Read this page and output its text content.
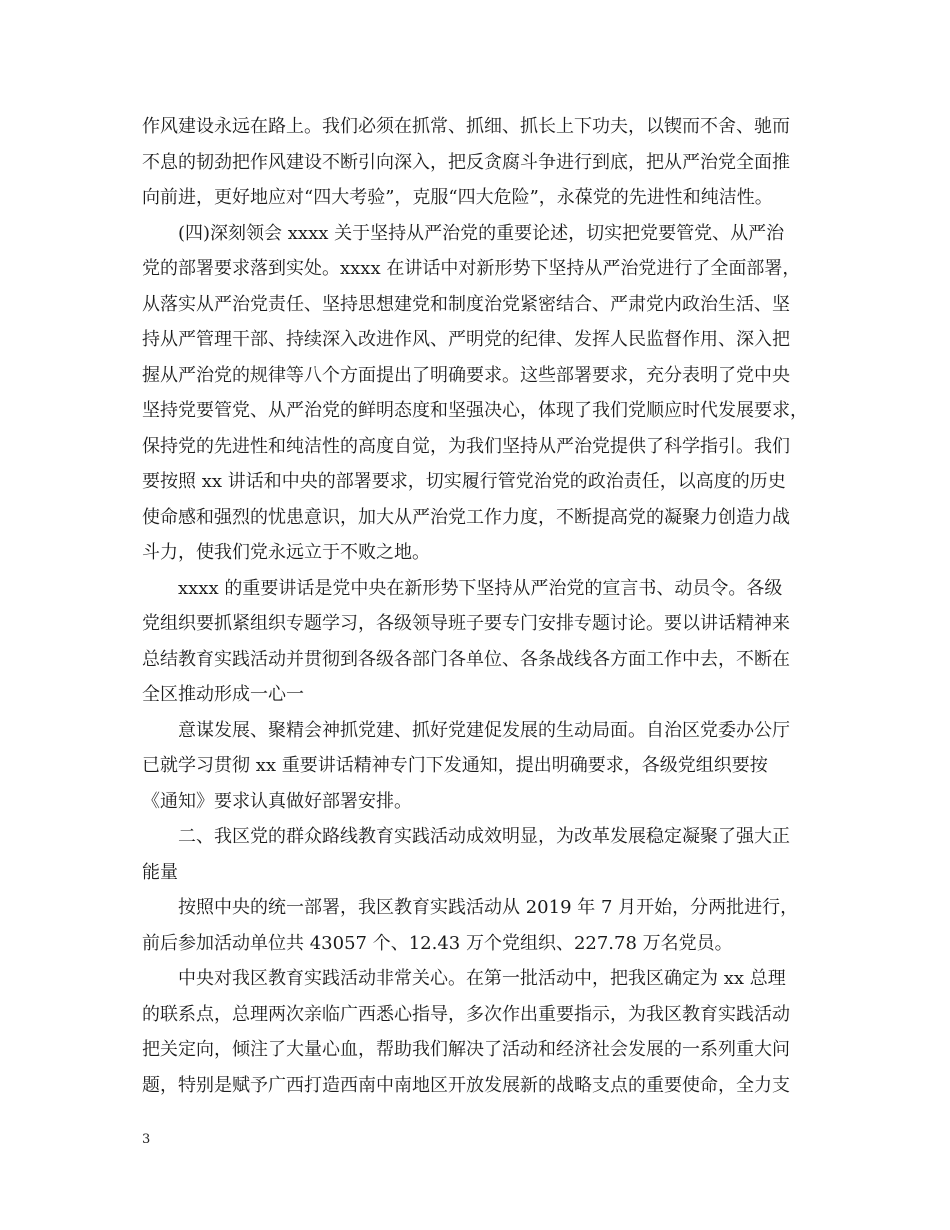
作风建设永远在路上。我们必须在抓常、抓细、抓长上下功夫，以锲而不舍、驰而
不息的韧劲把作风建设不断引向深入，把反贪腐斗争进行到底，把从严治党全面推
向前进，更好地应对“四大考验”，克服“四大危险”，永葆党的先进性和纯洁性。
(四)深刻领会 xxxx 关于坚持从严治党的重要论述，切实把党要管党、从严治
党的部署要求落到实处。xxxx 在讲话中对新形势下坚持从严治党进行了全面部署，
从落实从严治党责任、坚持思想建党和制度治党紧密结合、严肃党内政治生活、坚
持从严管理干部、持续深入改进作风、严明党的纪律、发挥人民监督作用、深入把
握从严治党的规律等八个方面提出了明确要求。这些部署要求，充分表明了党中央
坚持党要管党、从严治党的鲜明态度和坚强决心，体现了我们党顺应时代发展要求，
保持党的先进性和纯洁性的高度自觉，为我们坚持从严治党提供了科学指引。我们
要按照 xx 讲话和中央的部署要求，切实履行管党治党的政治责任，以高度的历史
使命感和强烈的忧患意识，加大从严治党工作力度，不断提高党的凝聚力创造力战
斗力，使我们党永远立于不败之地。
xxxx 的重要讲话是党中央在新形势下坚持从严治党的宣言书、动员令。各级
党组织要抓紧组织专题学习，各级领导班子要专门安排专题讨论。要以讲话精神来
总结教育实践活动并贯彻到各级各部门各单位、各条战线各方面工作中去，不断在
全区推动形成一心一
意谋发展、聚精会神抓党建、抓好党建促发展的生动局面。自治区党委办公厅
已就学习贯彻 xx 重要讲话精神专门下发通知，提出明确要求，各级党组织要按
《通知》要求认真做好部署安排。
二、我区党的群众路线教育实践活动成效明显，为改革发展稳定凝聚了强大正
能量
按照中央的统一部署，我区教育实践活动从 2019 年 7 月开始，分两批进行，
前后参加活动单位共 43057 个、12.43 万个党组织、227.78 万名党员。
中央对我区教育实践活动非常关心。在第一批活动中，把我区确定为 xx 总理
的联系点，总理两次亲临广西悉心指导，多次作出重要指示，为我区教育实践活动
把关定向，倾注了大量心血，帮助我们解决了活动和经济社会发展的一系列重大问
题，特别是赋予广西打造西南中南地区开放发展新的战略支点的重要使命，全力支
3
